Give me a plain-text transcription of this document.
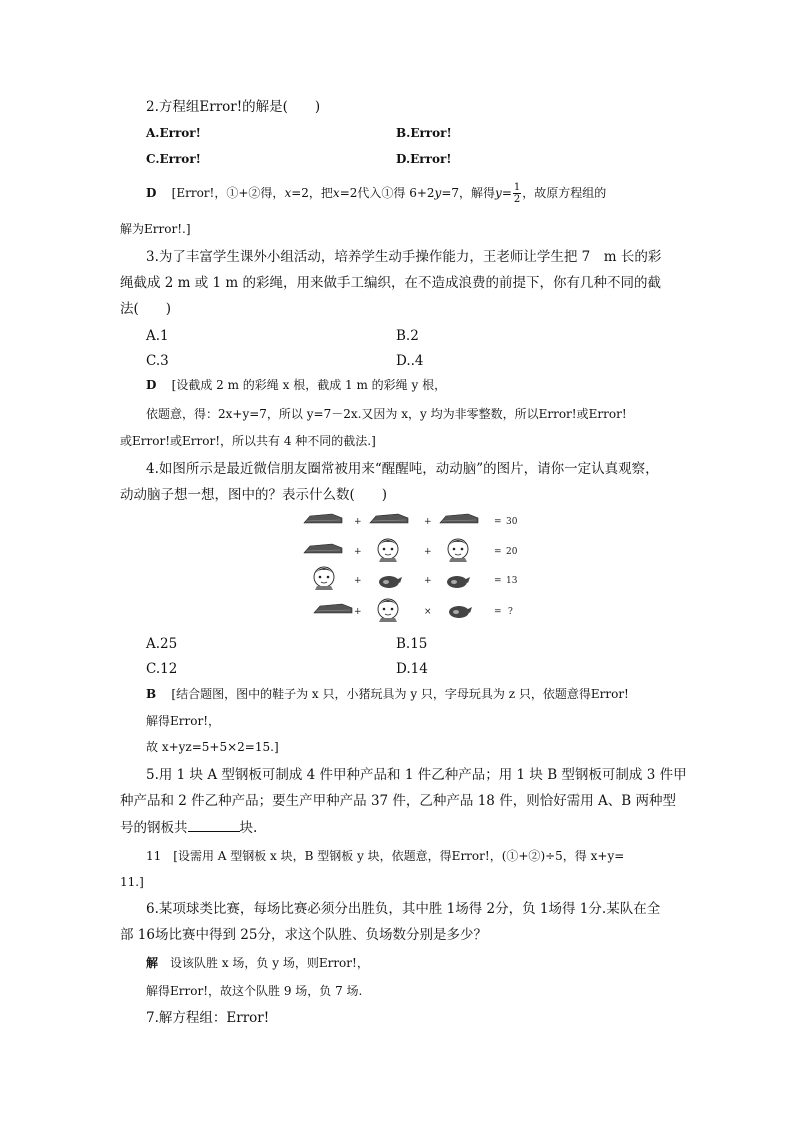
2.方程组Error!的解是(　　)
A.Error!	B.Error!
C.Error!	D.Error!
D [Error!，①+②得，x=2，把x=2代入①得 6+2y=7，解得$y= \frac{1}{2}$ ，故原方程组的
解为Error!.]
3.为了丰富学生课外小组活动，培养学生动手操作能力，王老师让学生把 7　m 长的彩
绳截成 2 m 或 1 m 的彩绳，用来做手工编织，在不造成浪费的前提下，你有几种不同的截
法(　　)
A.1	B.2
C.3	D..4
D [设截成 2 m 的彩绳 x 根，截成 1 m 的彩绳 y 根，
依题意，得：2x+y=7，所以 y=7－2x.又因为 x，y 均为非零整数，所以Error!或Error!
或Error!或Error!，所以共有 4 种不同的截法.]
4.如图所示是最近微信朋友圈常被用来“醒醒吨，动动脑”的图片，请你一定认真观察，
动动脑子想一想，图中的？表示什么数(　　)
+	+	= 30
+	+	= 20
+	+	= 13
+	×	= ?
A.25	B.15
C.12	D.14
B [结合题图，图中的鞋子为 x 只，小猪玩具为 y 只，字母玩具为 z 只，依题意得Error!
解得Error!，
故 x+yz=5+5×2=15.]
5.用 1 块 A 型钢板可制成 4 件甲种产品和 1 件乙种产品；用 1 块 B 型钢板可制成 3 件甲
种产品和 2 件乙种产品；要生产甲种产品 37 件，乙种产品 18 件，则恰好需用 A、B 两种型
号的钢板共	块.
11　[设需用 A 型钢板 x 块，B 型钢板 y 块，依题意，得Error!，(①+②)÷5，得 x+y=
11.]
6.某项球类比赛，每场比赛必须分出胜负，其中胜 1场得 2分，负 1场得 1分.某队在全
部 16场比赛中得到 25分，求这个队胜、负场数分别是多少？
解　设该队胜 x 场，负 y 场，则Error!，
解得Error!，故这个队胜 9 场，负 7 场.
7.解方程组：Error!
